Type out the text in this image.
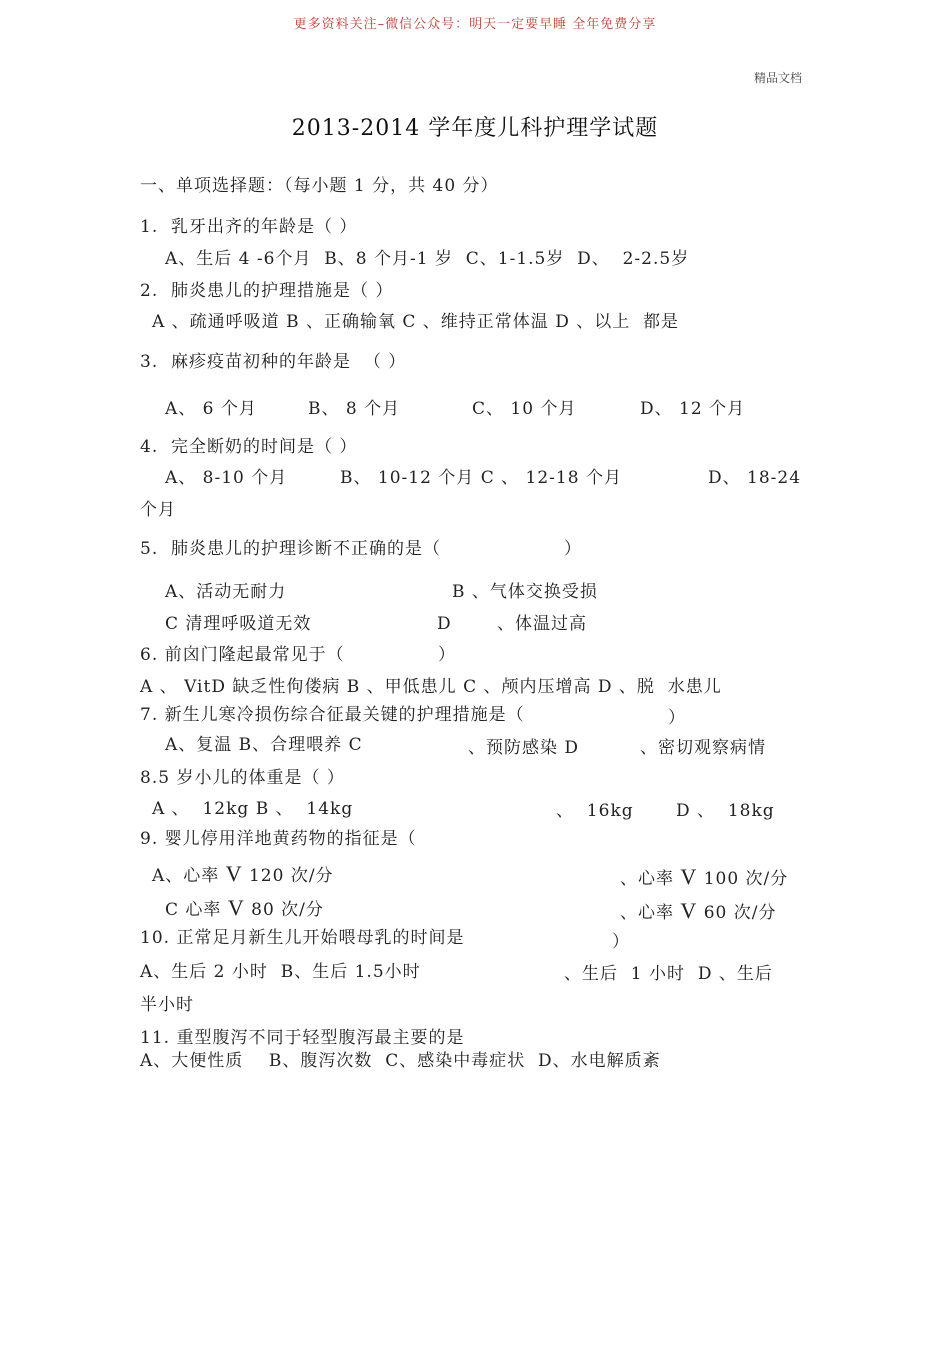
更多资料关注–微信公众号：明天一定要早睡 全年免费分享
精品文档
2013-2014 学年度儿科护理学试题
一、单项选择题：（每小题 1 分，共 40 分）
1.  乳牙出齐的年龄是（ ）
A、生后 4 -6个月  B、8 个月-1 岁  C、1-1.5岁  D、  2-2.5岁
2.  肺炎患儿的护理措施是（ ）
A 、疏通呼吸道 B 、正确输氧 C 、维持正常体温 D 、以上  都是
3.  麻疹疫苗初种的年龄是  （ ）
A、 6 个月	B、 8 个月	C、 10 个月	D、 12 个月
4.  完全断奶的时间是（ ）
A、 8-10 个月	B、 10-12 个月 C 、 12-18 个月	D、 18-24
个月
5.  肺炎患儿的护理诊断不正确的是（	）
A、活动无耐力	B 、气体交换受损
C 清理呼吸道无效	D	、体温过高
6. 前囟门隆起最常见于（	）
A 、 VitD 缺乏性佝偻病 B 、甲低患儿 C 、颅内压增高 D 、脱  水患儿
7. 新生儿寒冷损伤综合征最关键的护理措施是（	）
A、复温 B、合理喂养 C	、预防感染 D	、密切观察病情
8.5 岁小儿的体重是（ ）
A 、  12kg B 、  14kg	、  16kg D 、  18kg
9. 婴儿停用洋地黄药物的指征是（
A、心率 V 120 次/分	、心率 V 100 次/分
C 心率 V 80 次/分	、心率 V 60 次/分
10. 正常足月新生儿开始喂母乳的时间是	）
A、生后 2 小时  B、生后 1.5小时	、生后  1 小时  D 、生后
半小时
11. 重型腹泻不同于轻型腹泻最主要的是
A、大便性质    B、腹泻次数  C、感染中毒症状  D、水电解质紊
